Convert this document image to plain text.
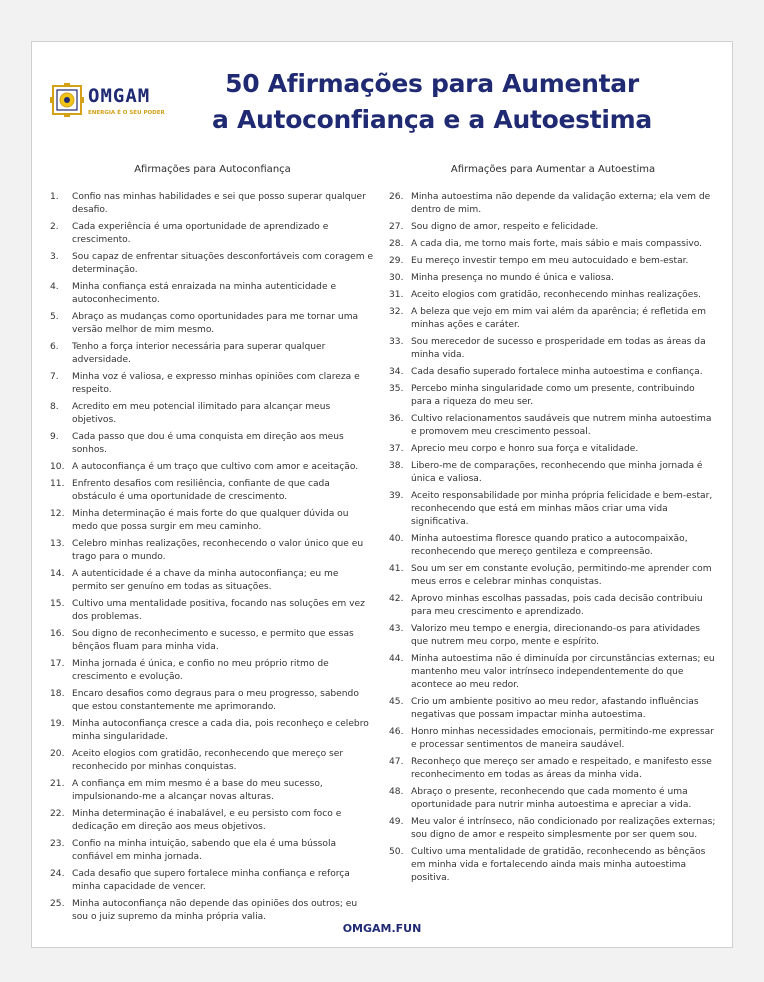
OMGAM
ENERGIA É O SEU PODER
50 Afirmações para Aumentar
a Autoconfiança e a Autoestima
Afirmações para Autoconfiança
1. Confio nas minhas habilidades e sei que posso superar qualquer desafio.
2. Cada experiência é uma oportunidade de aprendizado e crescimento.
3. Sou capaz de enfrentar situações desconfortáveis com coragem e determinação.
4. Minha confiança está enraizada na minha autenticidade e autoconhecimento.
5. Abraço as mudanças como oportunidades para me tornar uma versão melhor de mim mesmo.
6. Tenho a força interior necessária para superar qualquer adversidade.
7. Minha voz é valiosa, e expresso minhas opiniões com clareza e respeito.
8. Acredito em meu potencial ilimitado para alcançar meus objetivos.
9. Cada passo que dou é uma conquista em direção aos meus sonhos.
10. A autoconfiança é um traço que cultivo com amor e aceitação.
11. Enfrento desafios com resiliência, confiante de que cada obstáculo é uma oportunidade de crescimento.
12. Minha determinação é mais forte do que qualquer dúvida ou medo que possa surgir em meu caminho.
13. Celebro minhas realizações, reconhecendo o valor único que eu trago para o mundo.
14. A autenticidade é a chave da minha autoconfiança; eu me permito ser genuíno em todas as situações.
15. Cultivo uma mentalidade positiva, focando nas soluções em vez dos problemas.
16. Sou digno de reconhecimento e sucesso, e permito que essas bênçãos fluam para minha vida.
17. Minha jornada é única, e confio no meu próprio ritmo de crescimento e evolução.
18. Encaro desafios como degraus para o meu progresso, sabendo que estou constantemente me aprimorando.
19. Minha autoconfiança cresce a cada dia, pois reconheço e celebro minha singularidade.
20. Aceito elogios com gratidão, reconhecendo que mereço ser reconhecido por minhas conquistas.
21. A confiança em mim mesmo é a base do meu sucesso, impulsionando-me a alcançar novas alturas.
22. Minha determinação é inabalável, e eu persisto com foco e dedicação em direção aos meus objetivos.
23. Confio na minha intuição, sabendo que ela é uma bússola confiável em minha jornada.
24. Cada desafio que supero fortalece minha confiança e reforça minha capacidade de vencer.
25. Minha autoconfiança não depende das opiniões dos outros; eu sou o juiz supremo da minha própria valia.
Afirmações para Aumentar a Autoestima
26. Minha autoestima não depende da validação externa; ela vem de dentro de mim.
27. Sou digno de amor, respeito e felicidade.
28. A cada dia, me torno mais forte, mais sábio e mais compassivo.
29. Eu mereço investir tempo em meu autocuidado e bem-estar.
30. Minha presença no mundo é única e valiosa.
31. Aceito elogios com gratidão, reconhecendo minhas realizações.
32. A beleza que vejo em mim vai além da aparência; é refletida em minhas ações e caráter.
33. Sou merecedor de sucesso e prosperidade em todas as áreas da minha vida.
34. Cada desafio superado fortalece minha autoestima e confiança.
35. Percebo minha singularidade como um presente, contribuindo para a riqueza do meu ser.
36. Cultivo relacionamentos saudáveis que nutrem minha autoestima e promovem meu crescimento pessoal.
37. Aprecio meu corpo e honro sua força e vitalidade.
38. Libero-me de comparações, reconhecendo que minha jornada é única e valiosa.
39. Aceito responsabilidade por minha própria felicidade e bem-estar, reconhecendo que está em minhas mãos criar uma vida significativa.
40. Minha autoestima floresce quando pratico a autocompaixão, reconhecendo que mereço gentileza e compreensão.
41. Sou um ser em constante evolução, permitindo-me aprender com meus erros e celebrar minhas conquistas.
42. Aprovo minhas escolhas passadas, pois cada decisão contribuiu para meu crescimento e aprendizado.
43. Valorizo meu tempo e energia, direcionando-os para atividades que nutrem meu corpo, mente e espírito.
44. Minha autoestima não é diminuída por circunstâncias externas; eu mantenho meu valor intrínseco independentemente do que acontece ao meu redor.
45. Crio um ambiente positivo ao meu redor, afastando influências negativas que possam impactar minha autoestima.
46. Honro minhas necessidades emocionais, permitindo-me expressar e processar sentimentos de maneira saudável.
47. Reconheço que mereço ser amado e respeitado, e manifesto esse reconhecimento em todas as áreas da minha vida.
48. Abraço o presente, reconhecendo que cada momento é uma oportunidade para nutrir minha autoestima e apreciar a vida.
49. Meu valor é intrínseco, não condicionado por realizações externas; sou digno de amor e respeito simplesmente por ser quem sou.
50. Cultivo uma mentalidade de gratidão, reconhecendo as bênçãos em minha vida e fortalecendo ainda mais minha autoestima positiva.
OMGAM.FUN
